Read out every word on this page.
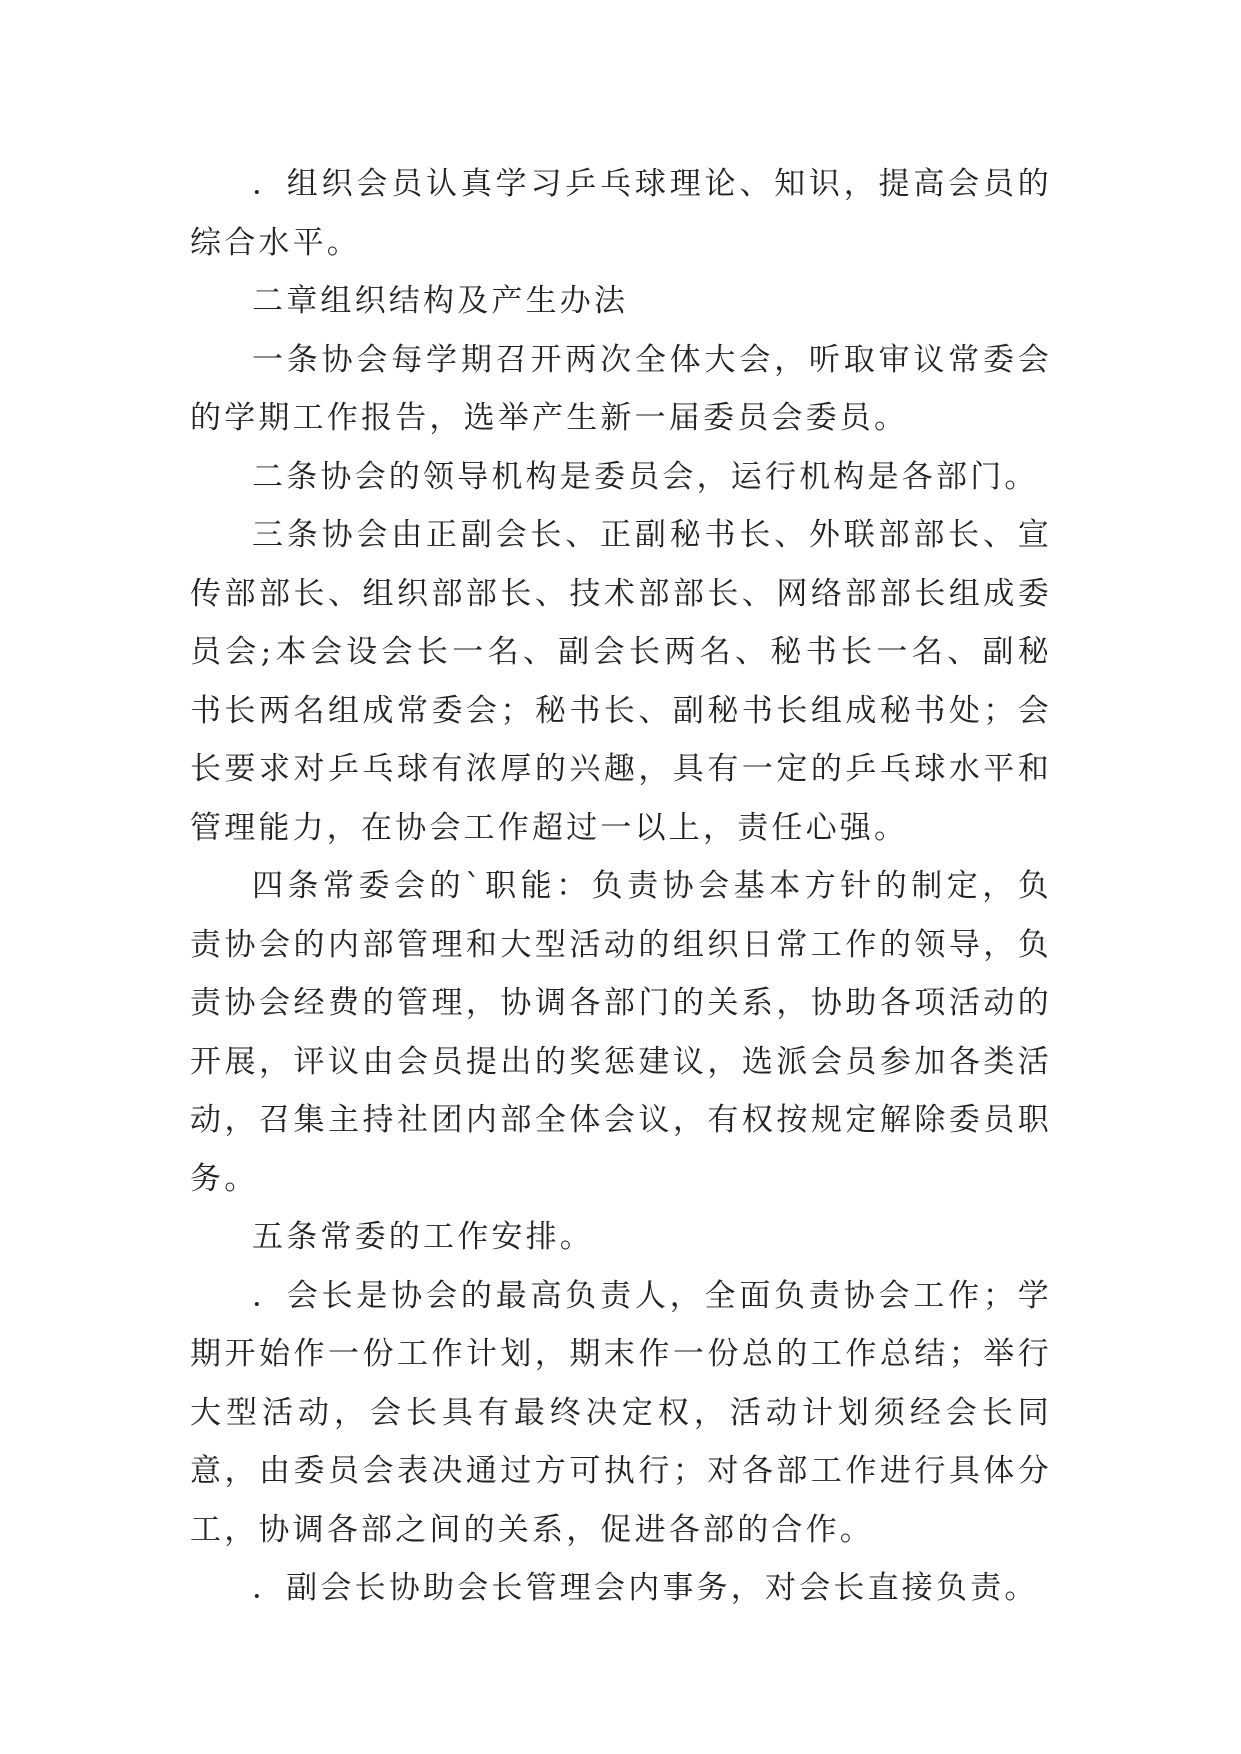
．组织会员认真学习乒乓球理论、知识，提高会员的综合水平。

二章组织结构及产生办法

一条协会每学期召开两次全体大会，听取审议常委会的学期工作报告，选举产生新一届委员会委员。

二条协会的领导机构是委员会，运行机构是各部门。

三条协会由正副会长、正副秘书长、外联部部长、宣传部部长、组织部部长、技术部部长、网络部部长组成委员会;本会设会长一名、副会长两名、秘书长一名、副秘书长两名组成常委会；秘书长、副秘书长组成秘书处；会长要求对乒乓球有浓厚的兴趣，具有一定的乒乓球水平和管理能力，在协会工作超过一以上，责任心强。

四条常委会的`职能：负责协会基本方针的制定，负责协会的内部管理和大型活动的组织日常工作的领导，负责协会经费的管理，协调各部门的关系，协助各项活动的开展，评议由会员提出的奖惩建议，选派会员参加各类活动，召集主持社团内部全体会议，有权按规定解除委员职务。

五条常委的工作安排。

．会长是协会的最高负责人，全面负责协会工作；学期开始作一份工作计划，期末作一份总的工作总结；举行大型活动，会长具有最终决定权，活动计划须经会长同意，由委员会表决通过方可执行；对各部工作进行具体分工，协调各部之间的关系，促进各部的合作。

．副会长协助会长管理会内事务，对会长直接负责。
